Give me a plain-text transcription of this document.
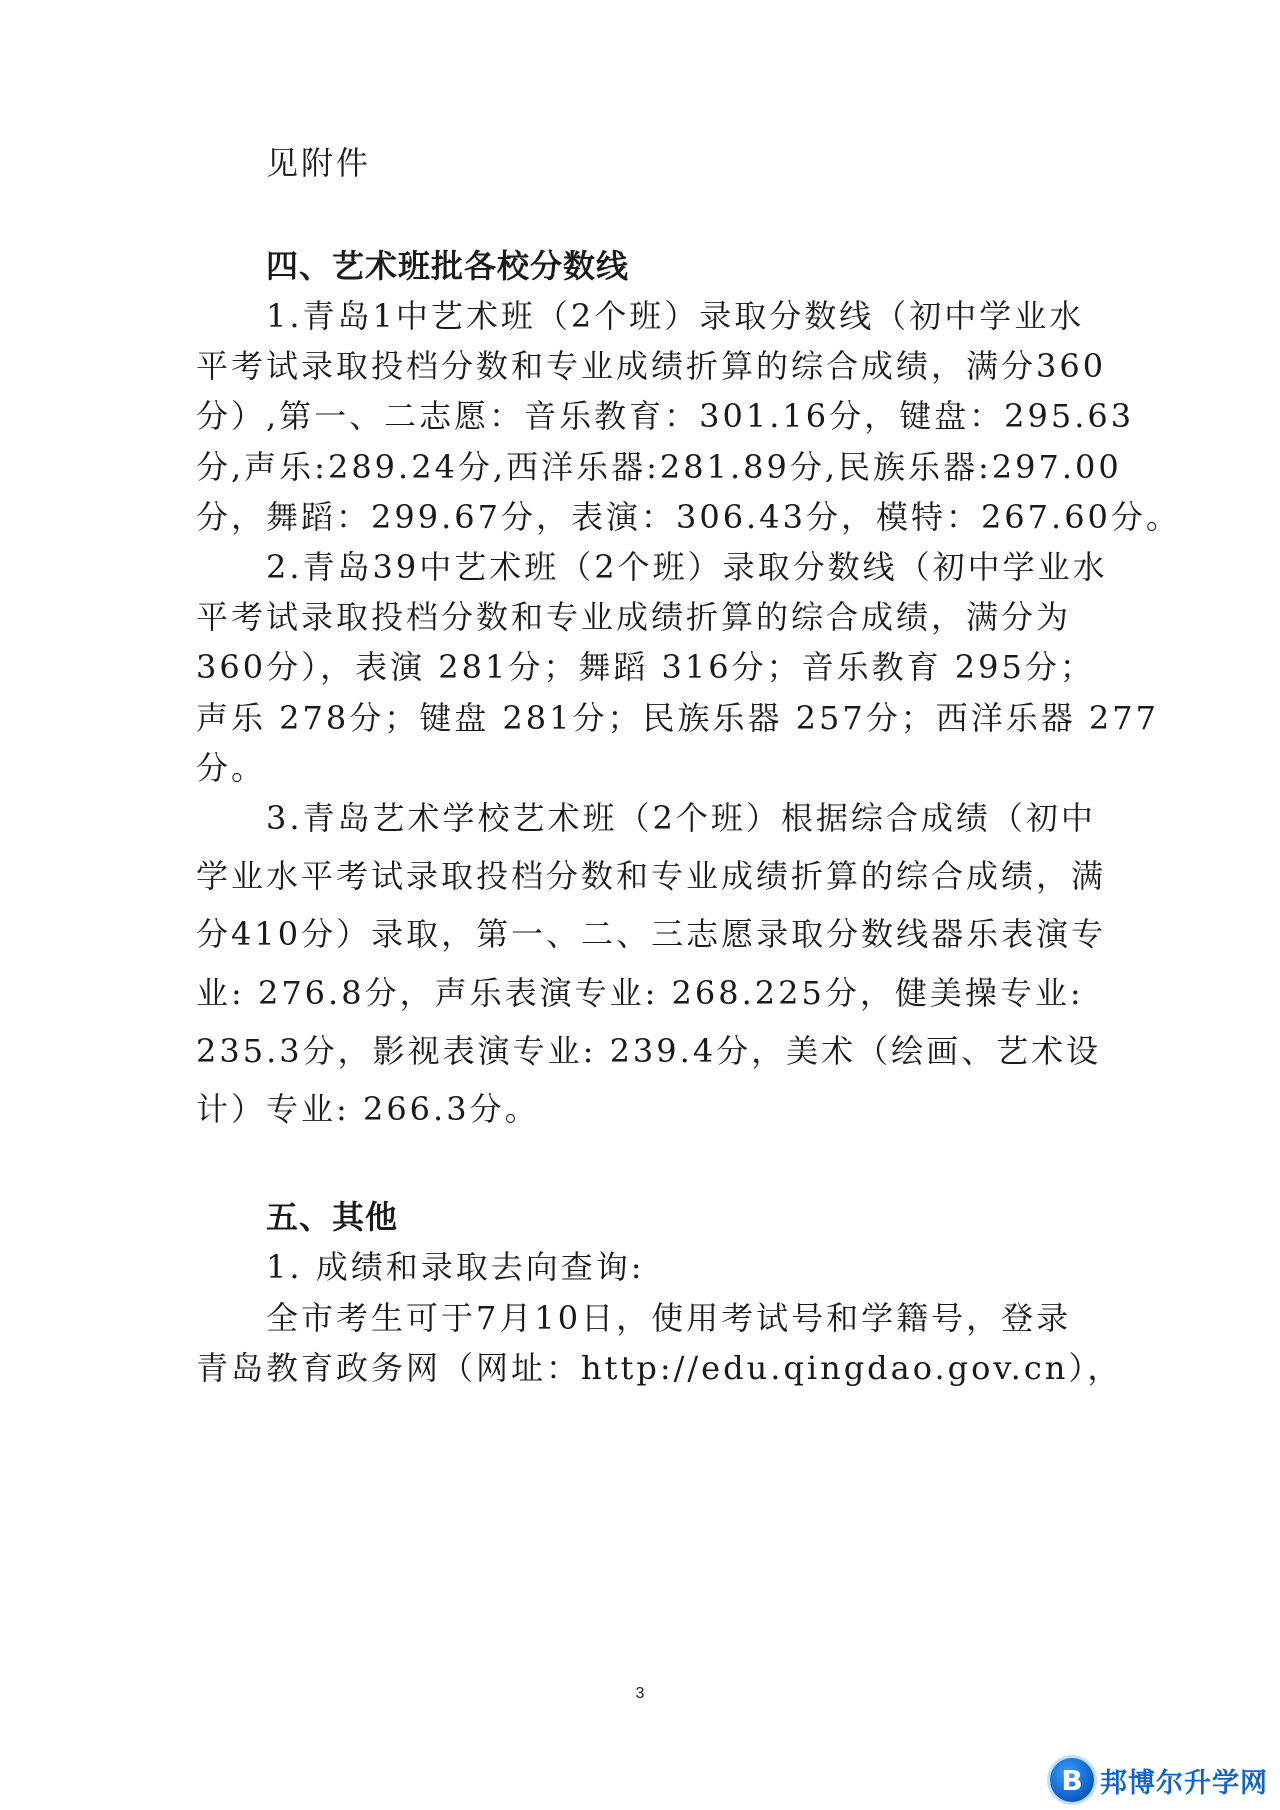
见附件
四、艺术班批各校分数线
1.青岛1中艺术班（2个班）录取分数线（初中学业水
平考试录取投档分数和专业成绩折算的综合成绩，满分360
分）,第一、二志愿：音乐教育：301.16分，键盘：295.63
分,声乐:289.24分,西洋乐器:281.89分,民族乐器:297.00
分，舞蹈：299.67分，表演：306.43分，模特：267.60分。
2.青岛39中艺术班（2个班）录取分数线（初中学业水
平考试录取投档分数和专业成绩折算的综合成绩，满分为
360分），表演 281分；舞蹈 316分；音乐教育 295分；
声乐 278分；键盘 281分；民族乐器 257分；西洋乐器 277
分。
3.青岛艺术学校艺术班（2个班）根据综合成绩（初中
学业水平考试录取投档分数和专业成绩折算的综合成绩，满
分410分）录取，第一、二、三志愿录取分数线器乐表演专
业: 276.8分，声乐表演专业: 268.225分，健美操专业:
235.3分，影视表演专业: 239.4分，美术（绘画、艺术设
计）专业: 266.3分。
五、其他
1. 成绩和录取去向查询:
全市考生可于7月10日，使用考试号和学籍号，登录
青岛教育政务网（网址：http://edu.qingdao.gov.cn），
3
B 邦博尔升学网
